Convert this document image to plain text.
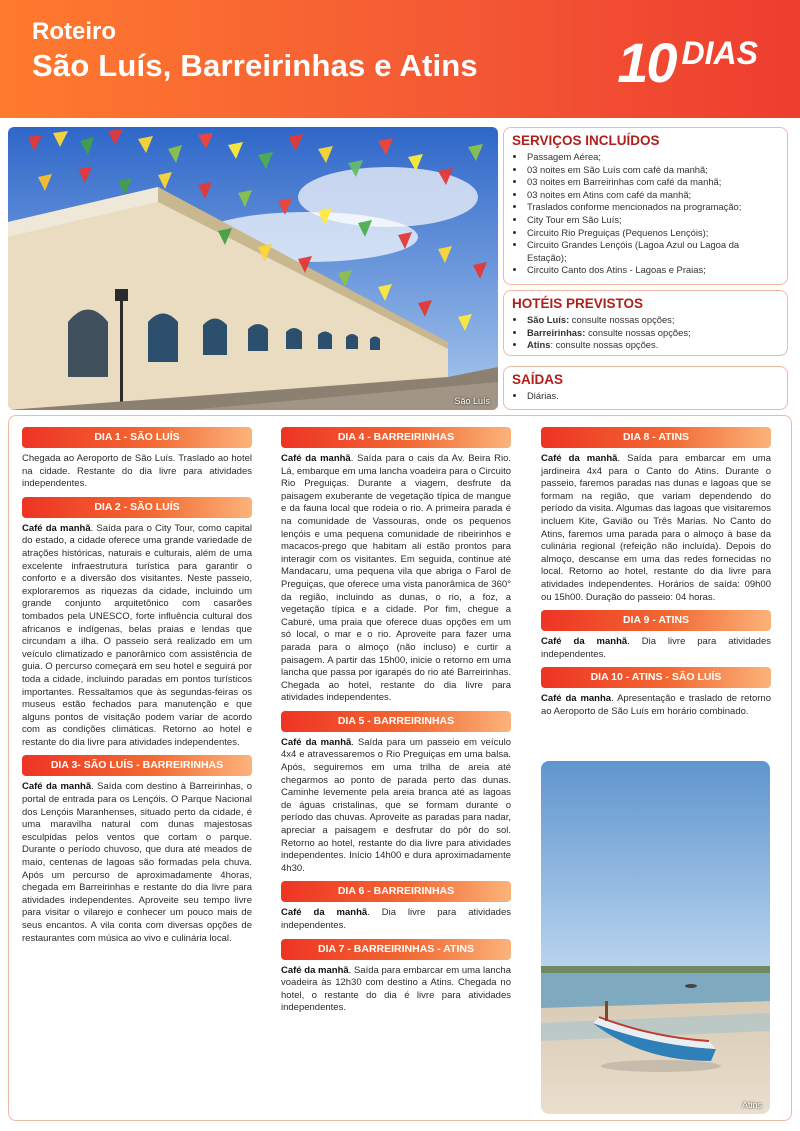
Roteiro
São Luís, Barreirinhas e Atins 10 DIAS
São Luís
SERVIÇOS INCLUÍDOS
• Passagem Aérea;
• 03 noites em São Luís com café da manhã;
• 03 noites em Barreirinhas com café da manhã;
• 03 noites em Atins com café da manhã;
• Traslados conforme mencionados na programação;
• City Tour em São Luís;
• Circuito Rio Preguiças (Pequenos Lençóis);
• Circuito Grandes Lençóis (Lagoa Azul ou Lagoa da Estação);
• Circuito Canto dos Atins - Lagoas e Praias;
HOTÉIS PREVISTOS
• São Luís: consulte nossas opções;
• Barreirinhas: consulte nossas opções;
• Atins: consulte nossas opções.
SAÍDAS
• Diárias.
DIA 1 - SÃO LUÍS

Chegada ao Aeroporto de São Luís. Traslado ao hotel na cidade. Restante do dia livre para atividades independentes.

DIA 2 - SÃO LUÍS

Café da manhã. Saída para o City Tour, como capital do estado, a cidade oferece uma grande variedade de atrações históricas, naturais e culturais, além de uma excelente infraestrutura turística para garantir o conforto e a diversão dos visitantes. Neste passeio, exploraremos as riquezas da cidade, incluindo um grande conjunto arquitetônico com casarões tombados pela UNESCO, forte influência cultural dos africanos e indígenas, belas praias e lendas que circundam a ilha. O passeio será realizado em um veículo climatizado e panorâmico com assistência de guia. O percurso começará em seu hotel e seguirá por toda a cidade, incluindo paradas em pontos turísticos importantes. Ressaltamos que às segundas-feiras os museus estão fechados para manutenção e que alguns pontos de visitação podem variar de acordo com as condições climáticas. Retorno ao hotel e restante do dia livre para atividades independentes.

DIA 3- SÃO LUÍS - BARREIRINHAS

Café da manhã. Saída com destino à Barreirinhas, o portal de entrada para os Lençóis. O Parque Nacional dos Lençóis Maranhenses, situado perto da cidade, é uma maravilha natural com dunas majestosas esculpidas pelos ventos que cortam o parque. Durante o período chuvoso, que dura até meados de maio, centenas de lagoas são formadas pela chuva. Após um percurso de aproximadamente 4horas, chegada em Barreirinhas e restante do dia livre para atividades independentes. Aproveite seu tempo livre para visitar o vilarejo e conhecer um pouco mais de seus encantos. A vila conta com diversas opções de restaurantes com música ao vivo e culinária local.

DIA 4 - BARREIRINHAS

Café da manhã. Saída para o cais da Av. Beira Rio. Lá, embarque em uma lancha voadeira para o Circuito Rio Preguiças. Durante a viagem, desfrute da paisagem exuberante de vegetação típica de mangue e da fauna local que rodeia o rio. A primeira parada é na comunidade de Vassouras, onde os pequenos lençóis e uma pequena comunidade de ribeirinhos e macacos-prego que habitam ali estão prontos para interagir com os visitantes. Em seguida, continue até Mandacaru, uma pequena vila que abriga o Farol de Preguiças, que oferece uma vista panorâmica de 360° da região, incluindo as dunas, o rio, a foz, a vegetação típica e a cidade. Por fim, chegue a Caburé, uma praia que oferece duas opções em um só local, o mar e o rio. Aproveite para fazer uma parada para o almoço (não incluso) e curtir a paisagem. A partir das 15h00, inicie o retorno em uma lancha que passa por igarapés do rio até Barreirinhas. Chegada ao hotel, restante do dia livre para atividades independentes.

DIA 5 - BARREIRINHAS

Café da manhã. Saída para um passeio em veículo 4x4 e atravessaremos o Rio Preguiças em uma balsa. Após, seguiremos em uma trilha de areia até chegarmos ao ponto de parada perto das dunas. Caminhe levemente pela areia branca até as lagoas de águas cristalinas, que se formam durante o período das chuvas. Aproveite as paradas para nadar, apreciar a paisagem e desfrutar do pôr do sol. Retorno ao hotel, restante do dia livre para atividades independentes. Início 14h00 e dura aproximadamente 4h30.

DIA 6 - BARREIRINHAS

Café da manhã. Dia livre para atividades independentes.

DIA 7 - BARREIRINHAS - ATINS

Café da manhã. Saída para embarcar em uma lancha voadeira às 12h30 com destino a Atins. Chegada no hotel, o restante do dia é livre para atividades independentes.

DIA 8 - ATINS

Café da manhã. Saída para embarcar em uma jardineira 4x4 para o Canto do Atins. Durante o passeio, faremos paradas nas dunas e lagoas que se formam na região, que variam dependendo do período da visita. Algumas das lagoas que visitaremos incluem Kite, Gavião ou Três Marias. No Canto do Atins, faremos uma parada para o almoço à base da culinária regional (refeição não incluída). Depois do almoço, descanse em uma das redes fornecidas no local. Retorno ao hotel, restante do dia livre para atividades independentes. Horários de saída: 09h00 ou 15h00. Duração do passeio: 04 horas.

DIA 9 - ATINS

Café da manhã. Dia livre para atividades independentes.

DIA 10 - ATINS - SÃO LUÍS

Café da manha. Apresentação e traslado de retorno ao Aeroporto de São Luís em horário combinado.

Atins
